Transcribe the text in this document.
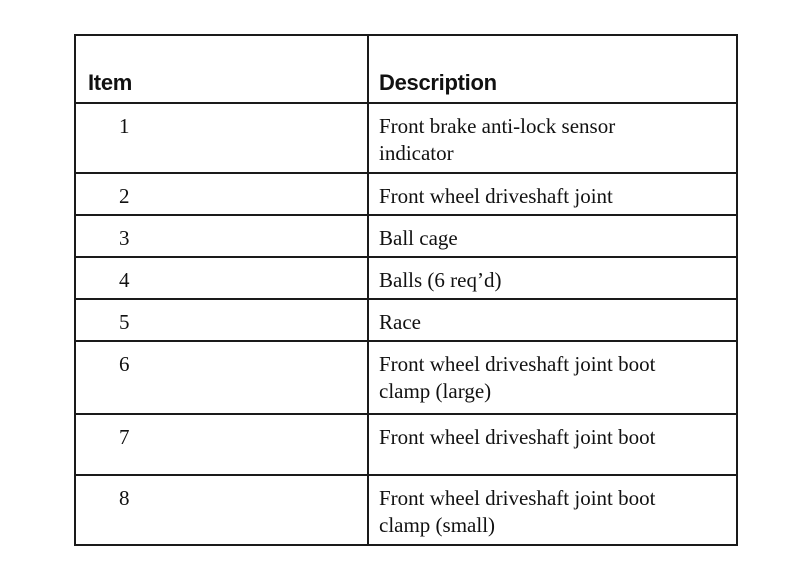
Item	Description

1	Front brake anti-lock sensor indicator

2	Front wheel driveshaft joint

3	Ball cage

4	Balls (6 req’d)

5	Race

6	Front wheel driveshaft joint boot clamp (large)

7	Front wheel driveshaft joint boot

8	Front wheel driveshaft joint boot clamp (small)
